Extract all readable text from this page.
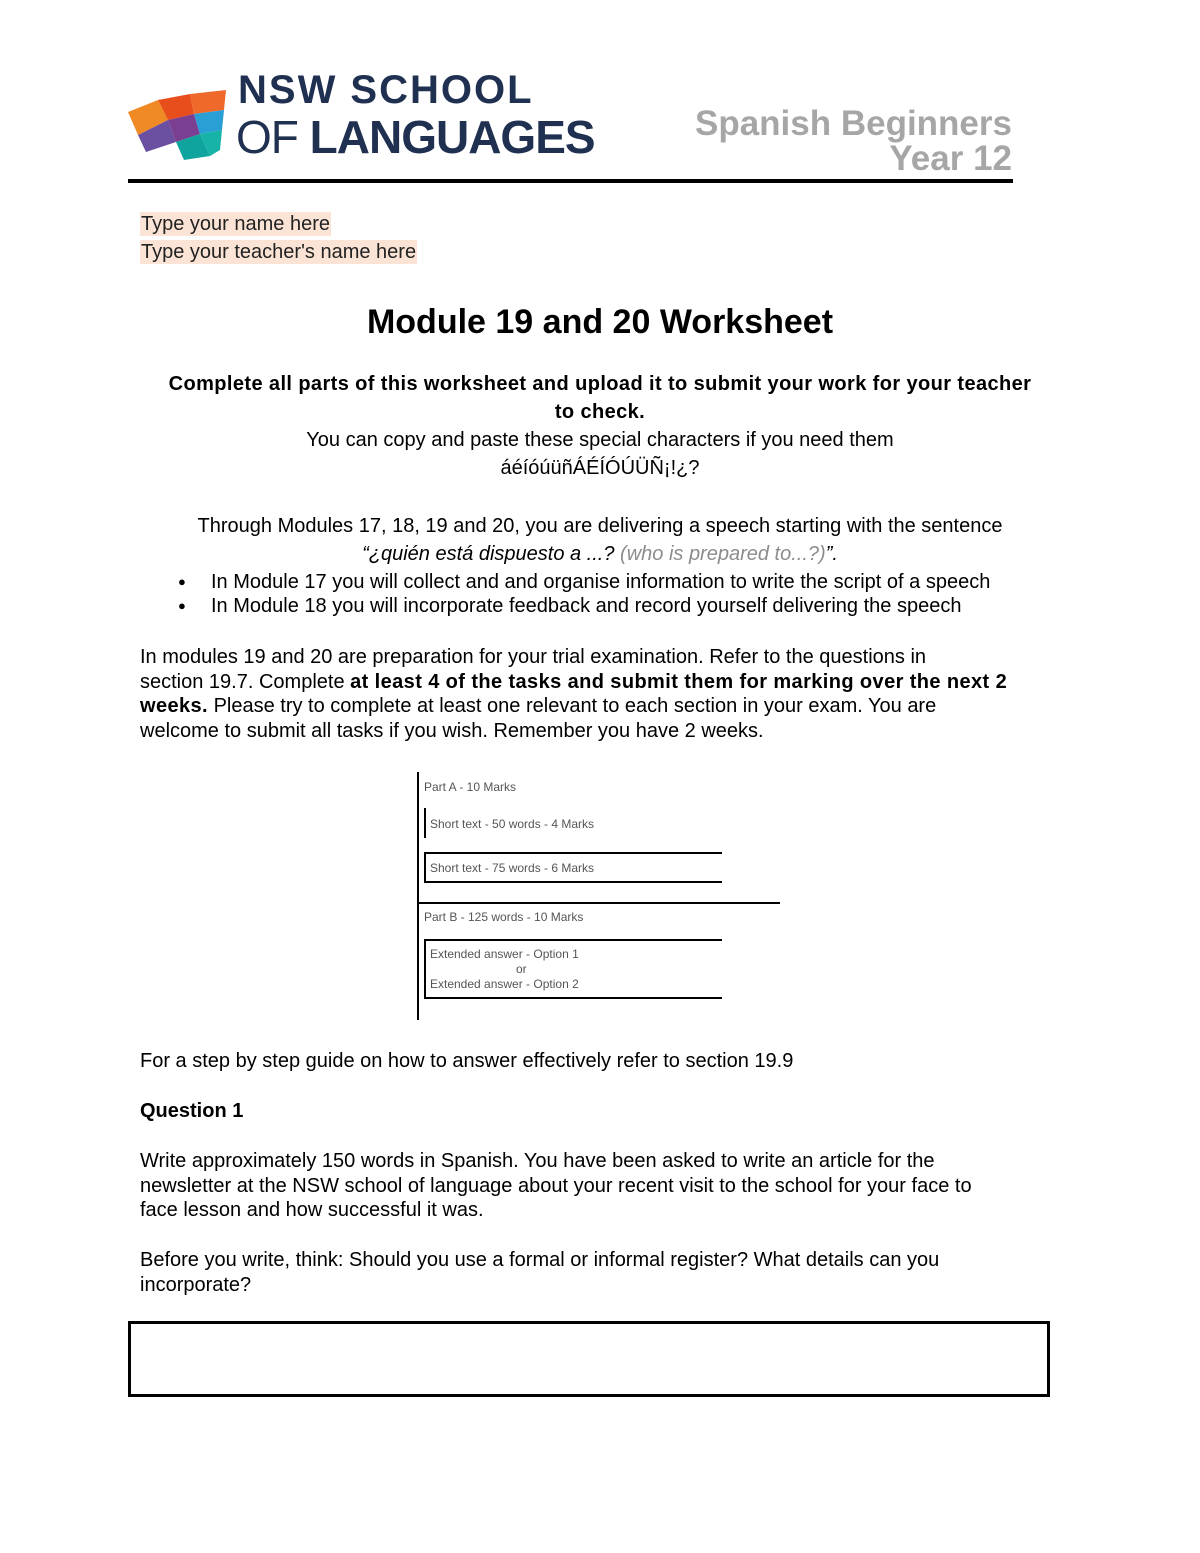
NSW SCHOOL
OF LANGUAGES	Spanish Beginners
Year 12
Type your name here
Type your teacher's name here
Module 19 and 20 Worksheet
Complete all parts of this worksheet and upload it to submit your work for your teacher
to check.
You can copy and paste these special characters if you need them
áéíóúüñÁÉÍÓÚÜÑ¡!¿?
Through Modules 17, 18, 19 and 20, you are delivering a speech starting with the sentence
“¿quién está dispuesto a ...? (who is prepared to...?)”.
● In Module 17 you will collect and and organise information to write the script of a speech
● In Module 18 you will incorporate feedback and record yourself delivering the speech
In modules 19 and 20 are preparation for your trial examination. Refer to the questions in
section 19.7. Complete at least 4 of the tasks and submit them for marking over the next 2
weeks. Please try to complete at least one relevant to each section in your exam. You are
welcome to submit all tasks if you wish. Remember you have 2 weeks.
Part A - 10 Marks
Short text - 50 words - 4 Marks
Short text - 75 words - 6 Marks
Part B - 125 words - 10 Marks
Extended answer - Option 1
or
Extended answer - Option 2
For a step by step guide on how to answer effectively refer to section 19.9
Question 1
Write approximately 150 words in Spanish. You have been asked to write an article for the
newsletter at the NSW school of language about your recent visit to the school for your face to
face lesson and how successful it was.
Before you write, think: Should you use a formal or informal register? What details can you
incorporate?
